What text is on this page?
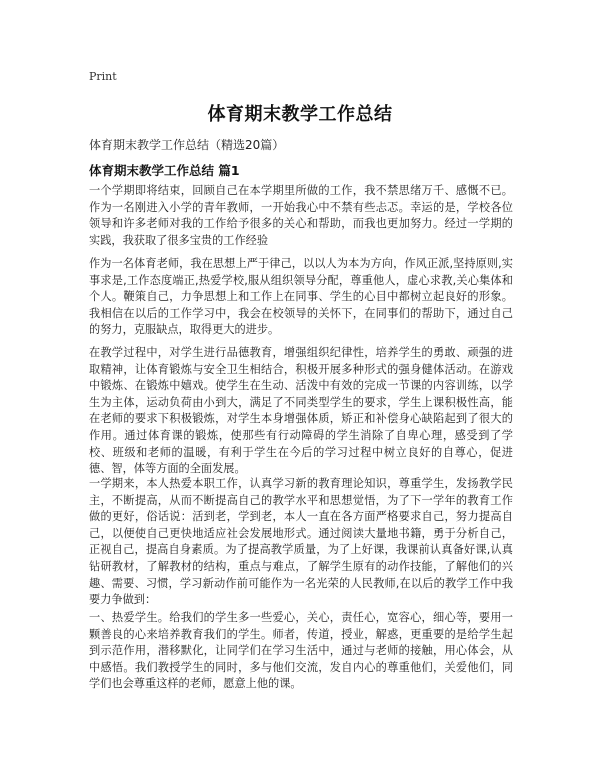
Print
体育期末教学工作总结
体育期末教学工作总结（精选20篇）
体育期末教学工作总结 篇1

一个学期即将结束，回顾自己在本学期里所做的工作，我不禁思绪万千、感慨不已。作为一名刚进入小学的青年教师，一开始我心中不禁有些忐忑。幸运的是，学校各位领导和许多老师对我的工作给予很多的关心和帮助，而我也更加努力。经过一学期的实践，我获取了很多宝贵的工作经验

作为一名体育老师，我在思想上严于律己，以以人为本为方向，作风正派,坚持原则,实事求是,工作态度端正,热爱学校,服从组织领导分配，尊重他人，虚心求教,关心集体和个人。鞭策自己，力争思想上和工作上在同事、学生的心目中都树立起良好的形象。我相信在以后的工作学习中，我会在校领导的关怀下，在同事们的帮助下，通过自己的努力，克服缺点，取得更大的进步。

在教学过程中，对学生进行品德教育，增强组织纪律性，培养学生的勇敢、顽强的进取精神，让体育锻炼与安全卫生相结合，积极开展多种形式的强身健体活动。在游戏中锻炼、在锻炼中嬉戏。使学生在生动、活泼中有效的完成一节课的内容训练，以学生为主体，运动负荷由小到大，满足了不同类型学生的要求，学生上课积极性高，能在老师的要求下积极锻炼，对学生本身增强体质，矫正和补偿身心缺陷起到了很大的作用。通过体育课的锻炼，使那些有行动障碍的学生消除了自卑心理，感受到了学校、班级和老师的温暖，有利于学生在今后的学习过程中树立良好的自尊心，促进德、智，体等方面的全面发展。

一学期来，本人热爱本职工作，认真学习新的教育理论知识，尊重学生，发扬教学民主，不断提高，从而不断提高自己的教学水平和思想觉悟，为了下一学年的教育工作做的更好，俗话说：活到老，学到老，本人一直在各方面严格要求自己，努力提高自己，以便使自己更快地适应社会发展地形式。通过阅读大量地书籍，勇于分析自己，正视自己，提高自身素质。为了提高教学质量，为了上好课，我课前认真备好课,认真钻研教材，了解教材的结构，重点与难点，了解学生原有的动作技能，了解他们的兴趣、需要、习惯，学习新动作前可能作为一名光荣的人民教师,在以后的教学工作中我要力争做到：

一、热爱学生。给我们的学生多一些爱心，关心，责任心，宽容心，细心等，要用一颗善良的心来培养教育我们的学生。师者，传道，授业，解惑，更重要的是给学生起到示范作用，潜移默化，让同学们在学习生活中，通过与老师的接触，用心体会，从中感悟。我们教授学生的同时，多与他们交流，发自内心的尊重他们，关爱他们，同学们也会尊重这样的老师，愿意上他的课。
